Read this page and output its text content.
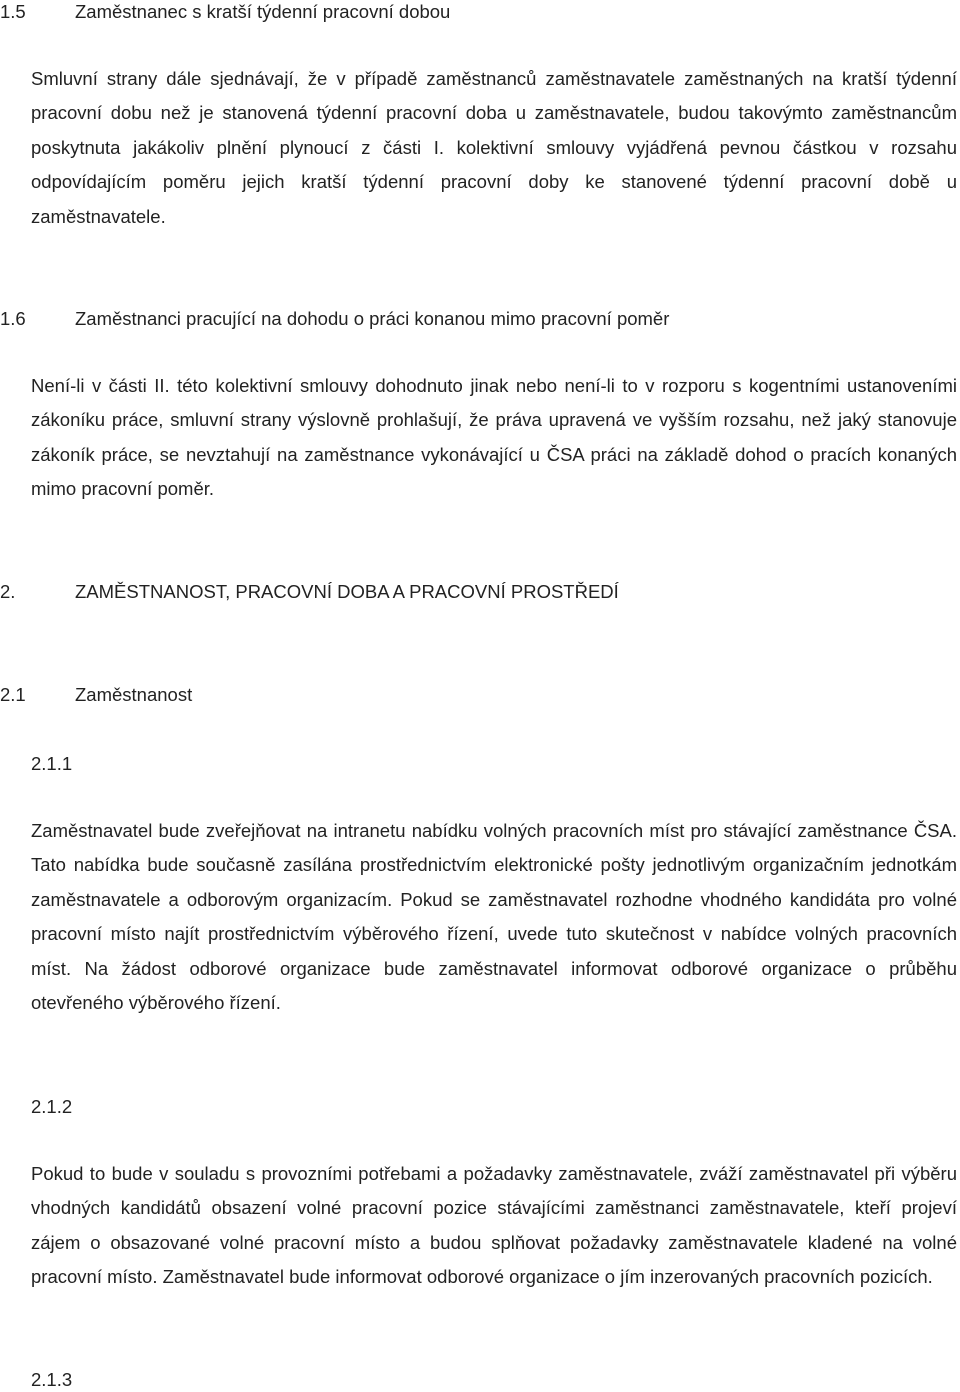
1.5	Zaměstnanec s kratší týdenní pracovní dobou

Smluvní strany dále sjednávají, že v případě zaměstnanců zaměstnavatele zaměstnaných na kratší týdenní pracovní dobu než je stanovená týdenní pracovní doba u zaměstnavatele, budou takovýmto zaměstnancům poskytnuta jakákoliv plnění plynoucí z části I. kolektivní smlouvy vyjádřená pevnou částkou v rozsahu odpovídajícím poměru jejich kratší týdenní pracovní doby ke stanovené týdenní pracovní době u zaměstnavatele.

1.6	Zaměstnanci pracující na dohodu o práci konanou mimo pracovní poměr

Není-li v části II. této kolektivní smlouvy dohodnuto jinak nebo není-li to v rozporu s kogentními ustanoveními zákoníku práce, smluvní strany výslovně prohlašují, že práva upravená ve vyšším rozsahu, než jaký stanovuje zákoník práce, se nevztahují na zaměstnance vykonávající u ČSA práci na základě dohod o pracích konaných mimo pracovní poměr.

2.	ZAMĚSTNANOST, PRACOVNÍ DOBA A PRACOVNÍ PROSTŘEDÍ
2.1	Zaměstnanost
2.1.1

Zaměstnavatel bude zveřejňovat na intranetu nabídku volných pracovních míst pro stávající zaměstnance ČSA. Tato nabídka bude současně zasílána prostřednictvím elektronické pošty jednotlivým organizačním jednotkám zaměstnavatele a odborovým organizacím. Pokud se zaměstnavatel rozhodne vhodného kandidáta pro volné pracovní místo najít prostřednictvím výběrového řízení, uvede tuto skutečnost v nabídce volných pracovních míst. Na žádost odborové organizace bude zaměstnavatel informovat odborové organizace o průběhu otevřeného výběrového řízení.

2.1.2

Pokud to bude v souladu s provozními potřebami a požadavky zaměstnavatele, zváží zaměstnavatel při výběru vhodných kandidátů obsazení volné pracovní pozice stávajícími zaměstnanci zaměstnavatele, kteří projeví zájem o obsazované volné pracovní místo a budou splňovat požadavky zaměstnavatele kladené na volné pracovní místo. Zaměstnavatel bude informovat odborové organizace o jím inzerovaných pracovních pozicích.

2.1.3
